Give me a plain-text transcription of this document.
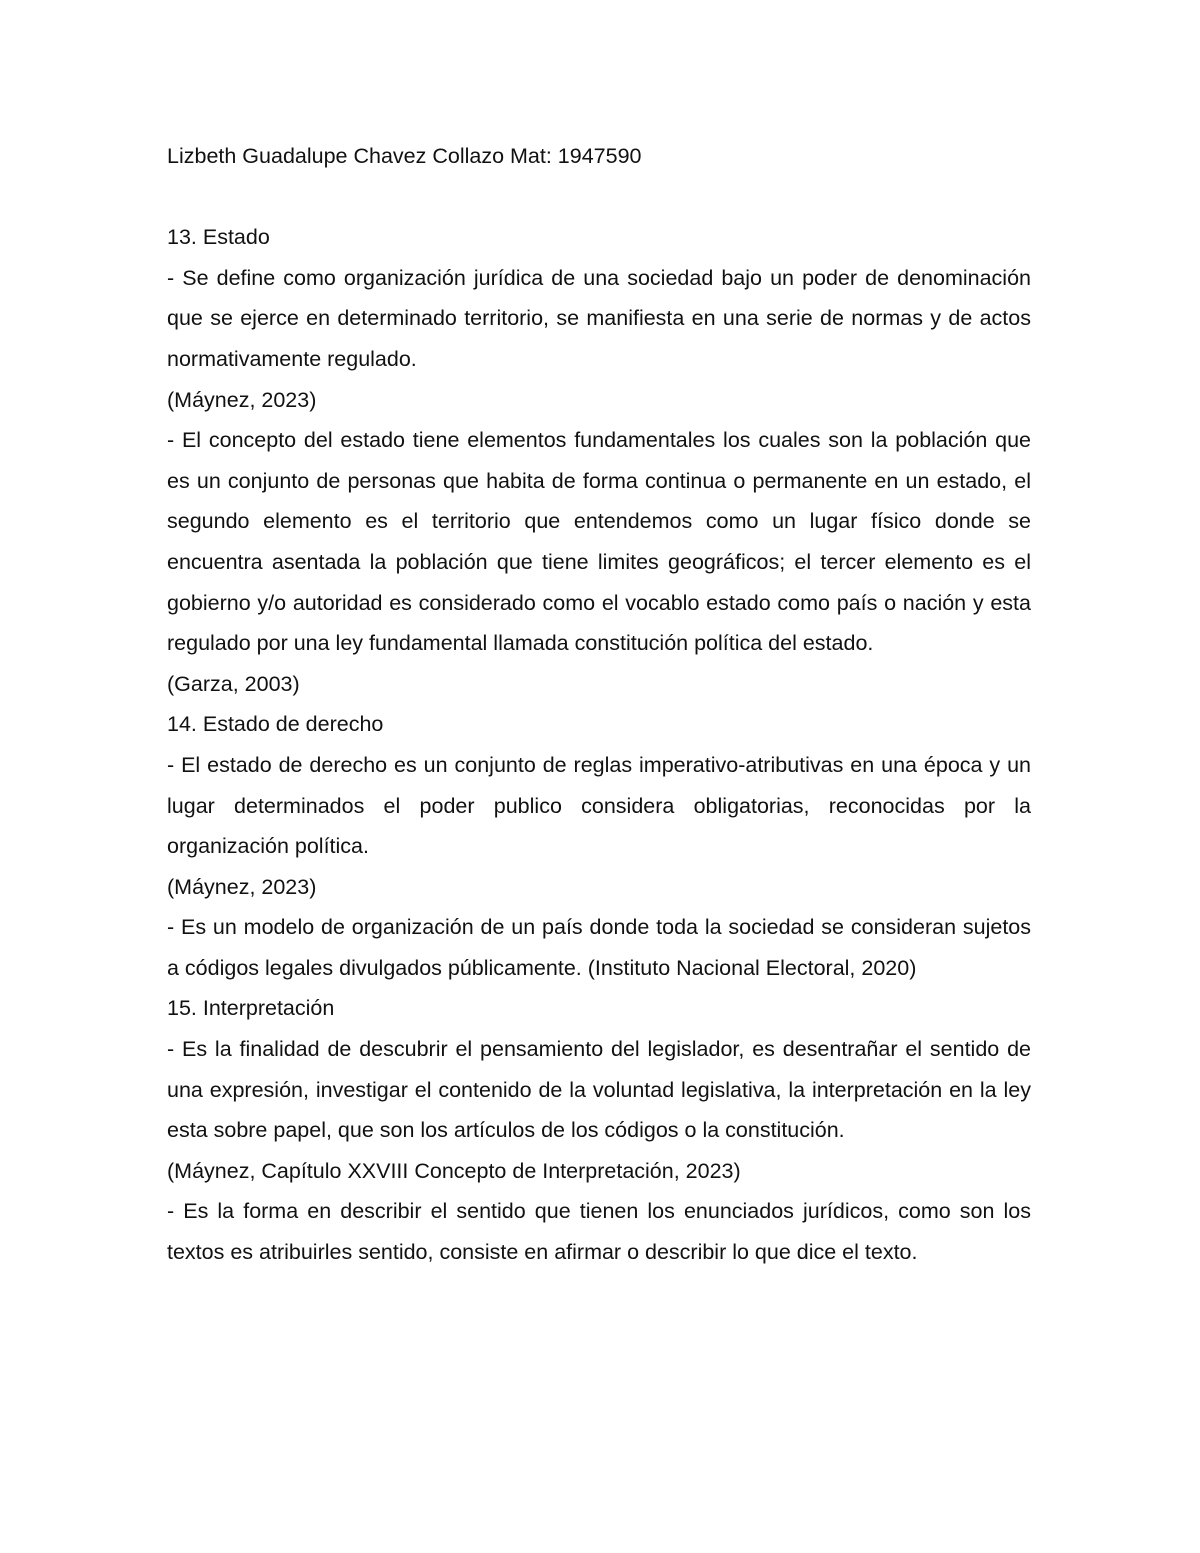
Lizbeth Guadalupe Chavez Collazo Mat: 1947590

13. Estado

- Se define como organización jurídica de una sociedad bajo un poder de denominación que se ejerce en determinado territorio, se manifiesta en una serie de normas y de actos normativamente regulado.

(Máynez, 2023)

- El concepto del estado tiene elementos fundamentales los cuales son la población que es un conjunto de personas que habita de forma continua o permanente en un estado, el segundo elemento es el territorio que entendemos como un lugar físico donde se encuentra asentada la población que tiene limites geográficos; el tercer elemento es el gobierno y/o autoridad es considerado como el vocablo estado como país o nación y esta regulado por una ley fundamental llamada constitución política del estado.

(Garza, 2003)

14. Estado de derecho

- El estado de derecho es un conjunto de reglas imperativo-atributivas en una época y un lugar determinados el poder publico considera obligatorias, reconocidas por la organización política.

(Máynez, 2023)

- Es un modelo de organización de un país donde toda la sociedad se consideran sujetos a códigos legales divulgados públicamente. (Instituto Nacional Electoral, 2020)

15. Interpretación

- Es la finalidad de descubrir el pensamiento del legislador, es desentrañar el sentido de una expresión, investigar el contenido de la voluntad legislativa, la interpretación en la ley esta sobre papel, que son los artículos de los códigos o la constitución.

(Máynez, Capítulo XXVIII Concepto de Interpretación, 2023)

- Es la forma en describir el sentido que tienen los enunciados jurídicos, como son los textos es atribuirles sentido, consiste en afirmar o describir lo que dice el texto.
